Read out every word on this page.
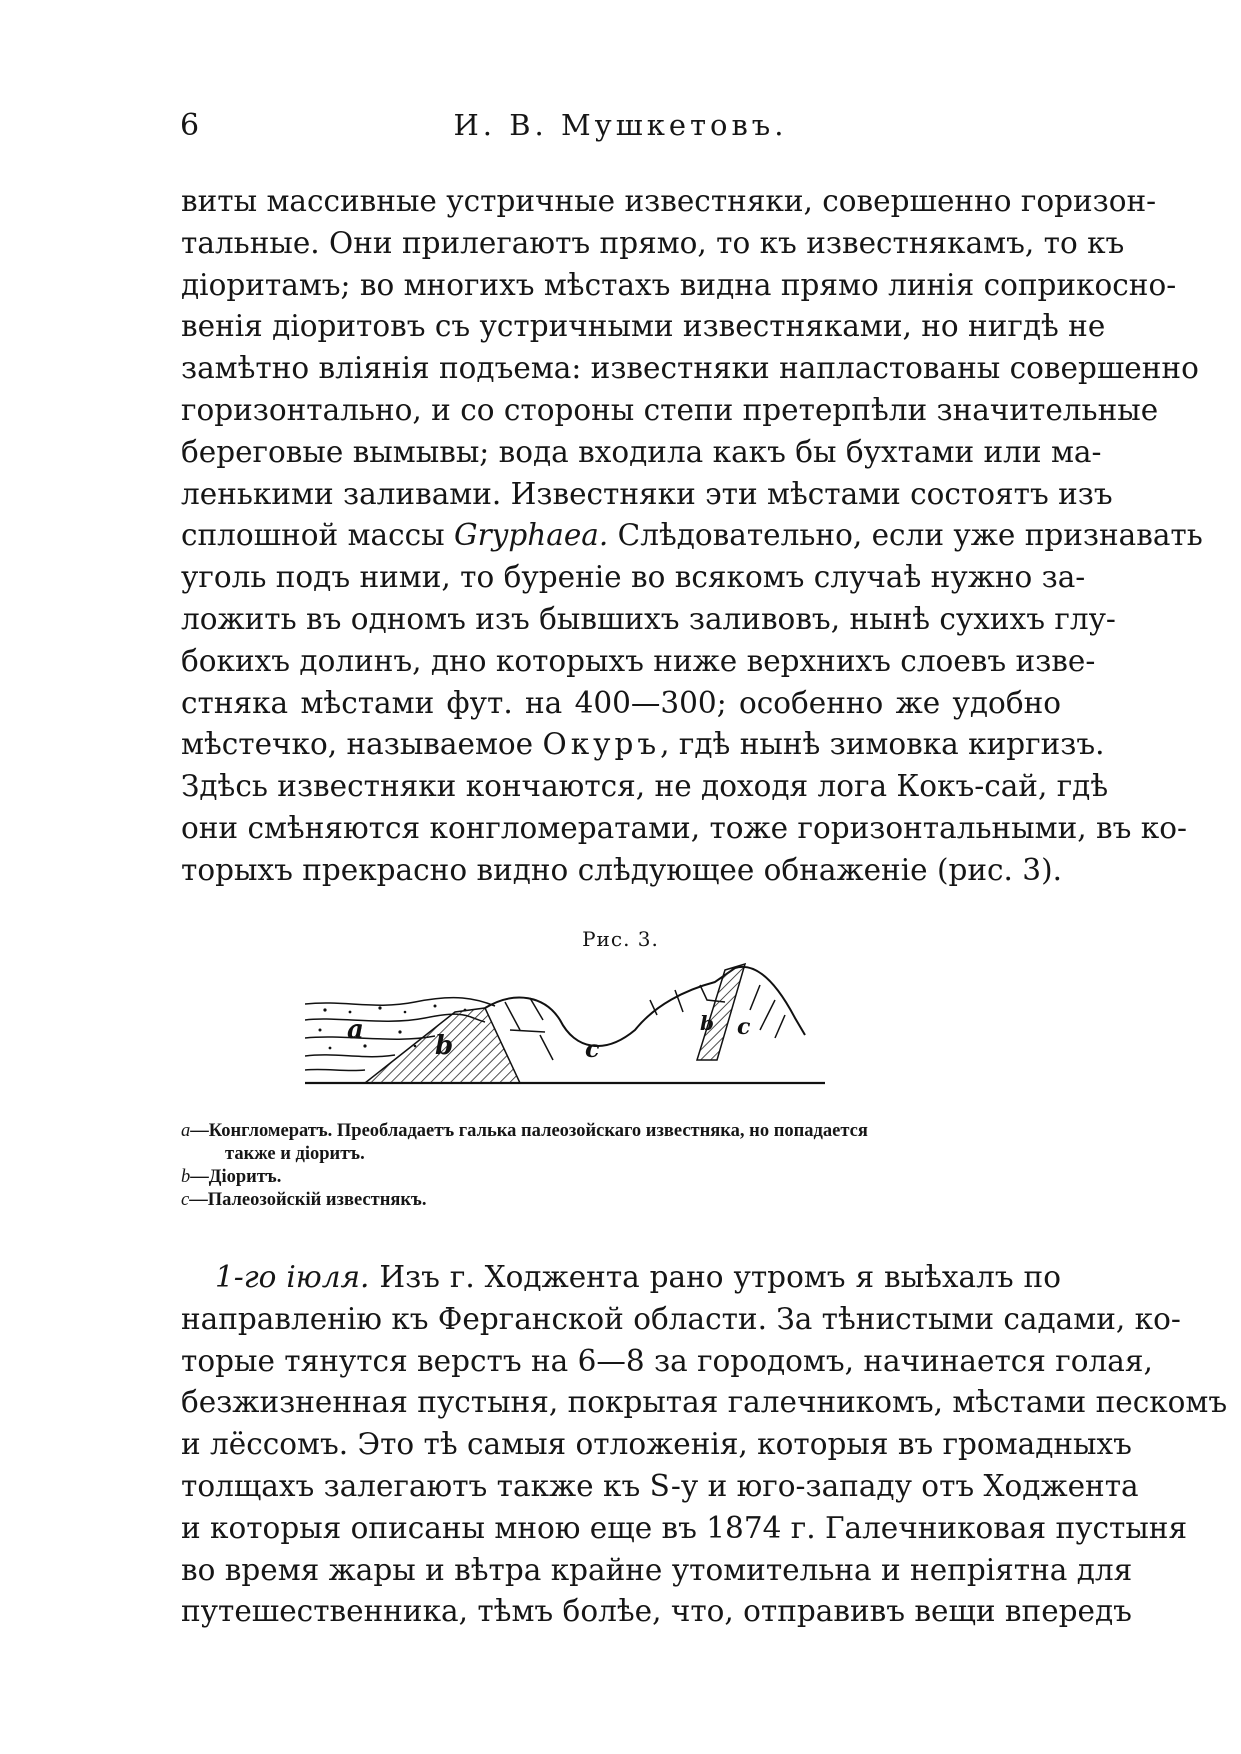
6	И. В. Мушкетовъ.
виты массивные устричные известняки, совершенно горизон-
тальные. Они прилегаютъ прямо, то къ известнякамъ, то къ
діоритамъ; во многихъ мѣстахъ видна прямо линія соприкосно-
венія діоритовъ съ устричными известняками, но нигдѣ не
замѣтно вліянія подъема: известняки напластованы совершенно
горизонтально, и со стороны степи претерпѣли значительные
береговые вымывы; вода входила какъ бы бухтами или ма-
ленькими заливами. Известняки эти мѣстами состоятъ изъ
сплошной массы Gryphaea. Слѣдовательно, если уже признавать
уголь подъ ними, то буреніе во всякомъ случаѣ нужно за-
ложить въ одномъ изъ бывшихъ заливовъ, нынѣ сухихъ глу-
бокихъ долинъ, дно которыхъ ниже верхнихъ слоевъ изве-
стняка мѣстами фут. на 400—300; особенно же удобно
мѣстечко, называемое Окуръ, гдѣ нынѣ зимовка киргизъ.
Здѣсь известняки кончаются, не доходя лога Кокъ-сай, гдѣ
они смѣняются конгломератами, тоже горизонтальными, въ ко-
торыхъ прекрасно видно слѣдующее обнаженіе (рис. 3).
Рис. 3.
a
b	c
b c
a—Конгломератъ. Преобладаетъ галька палеозойскаго известняка, но попадается
также и діоритъ.
b—Діоритъ.
c—Палеозойскій известнякъ.
1-го іюля. Изъ г. Ходжента рано утромъ я выѣхалъ по
направленію къ Ферганской области. За тѣнистыми садами, ко-
торые тянутся верстъ на 6—8 за городомъ, начинается голая,
безжизненная пустыня, покрытая галечникомъ, мѣстами пескомъ
и лёссомъ. Это тѣ самыя отложенія, которыя въ громадныхъ
толщахъ залегаютъ также къ S-у и юго-западу отъ Ходжента
и которыя описаны мною еще въ 1874 г. Галечниковая пустыня
во время жары и вѣтра крайне утомительна и непріятна для
путешественника, тѣмъ болѣе, что, отправивъ вещи впередъ
